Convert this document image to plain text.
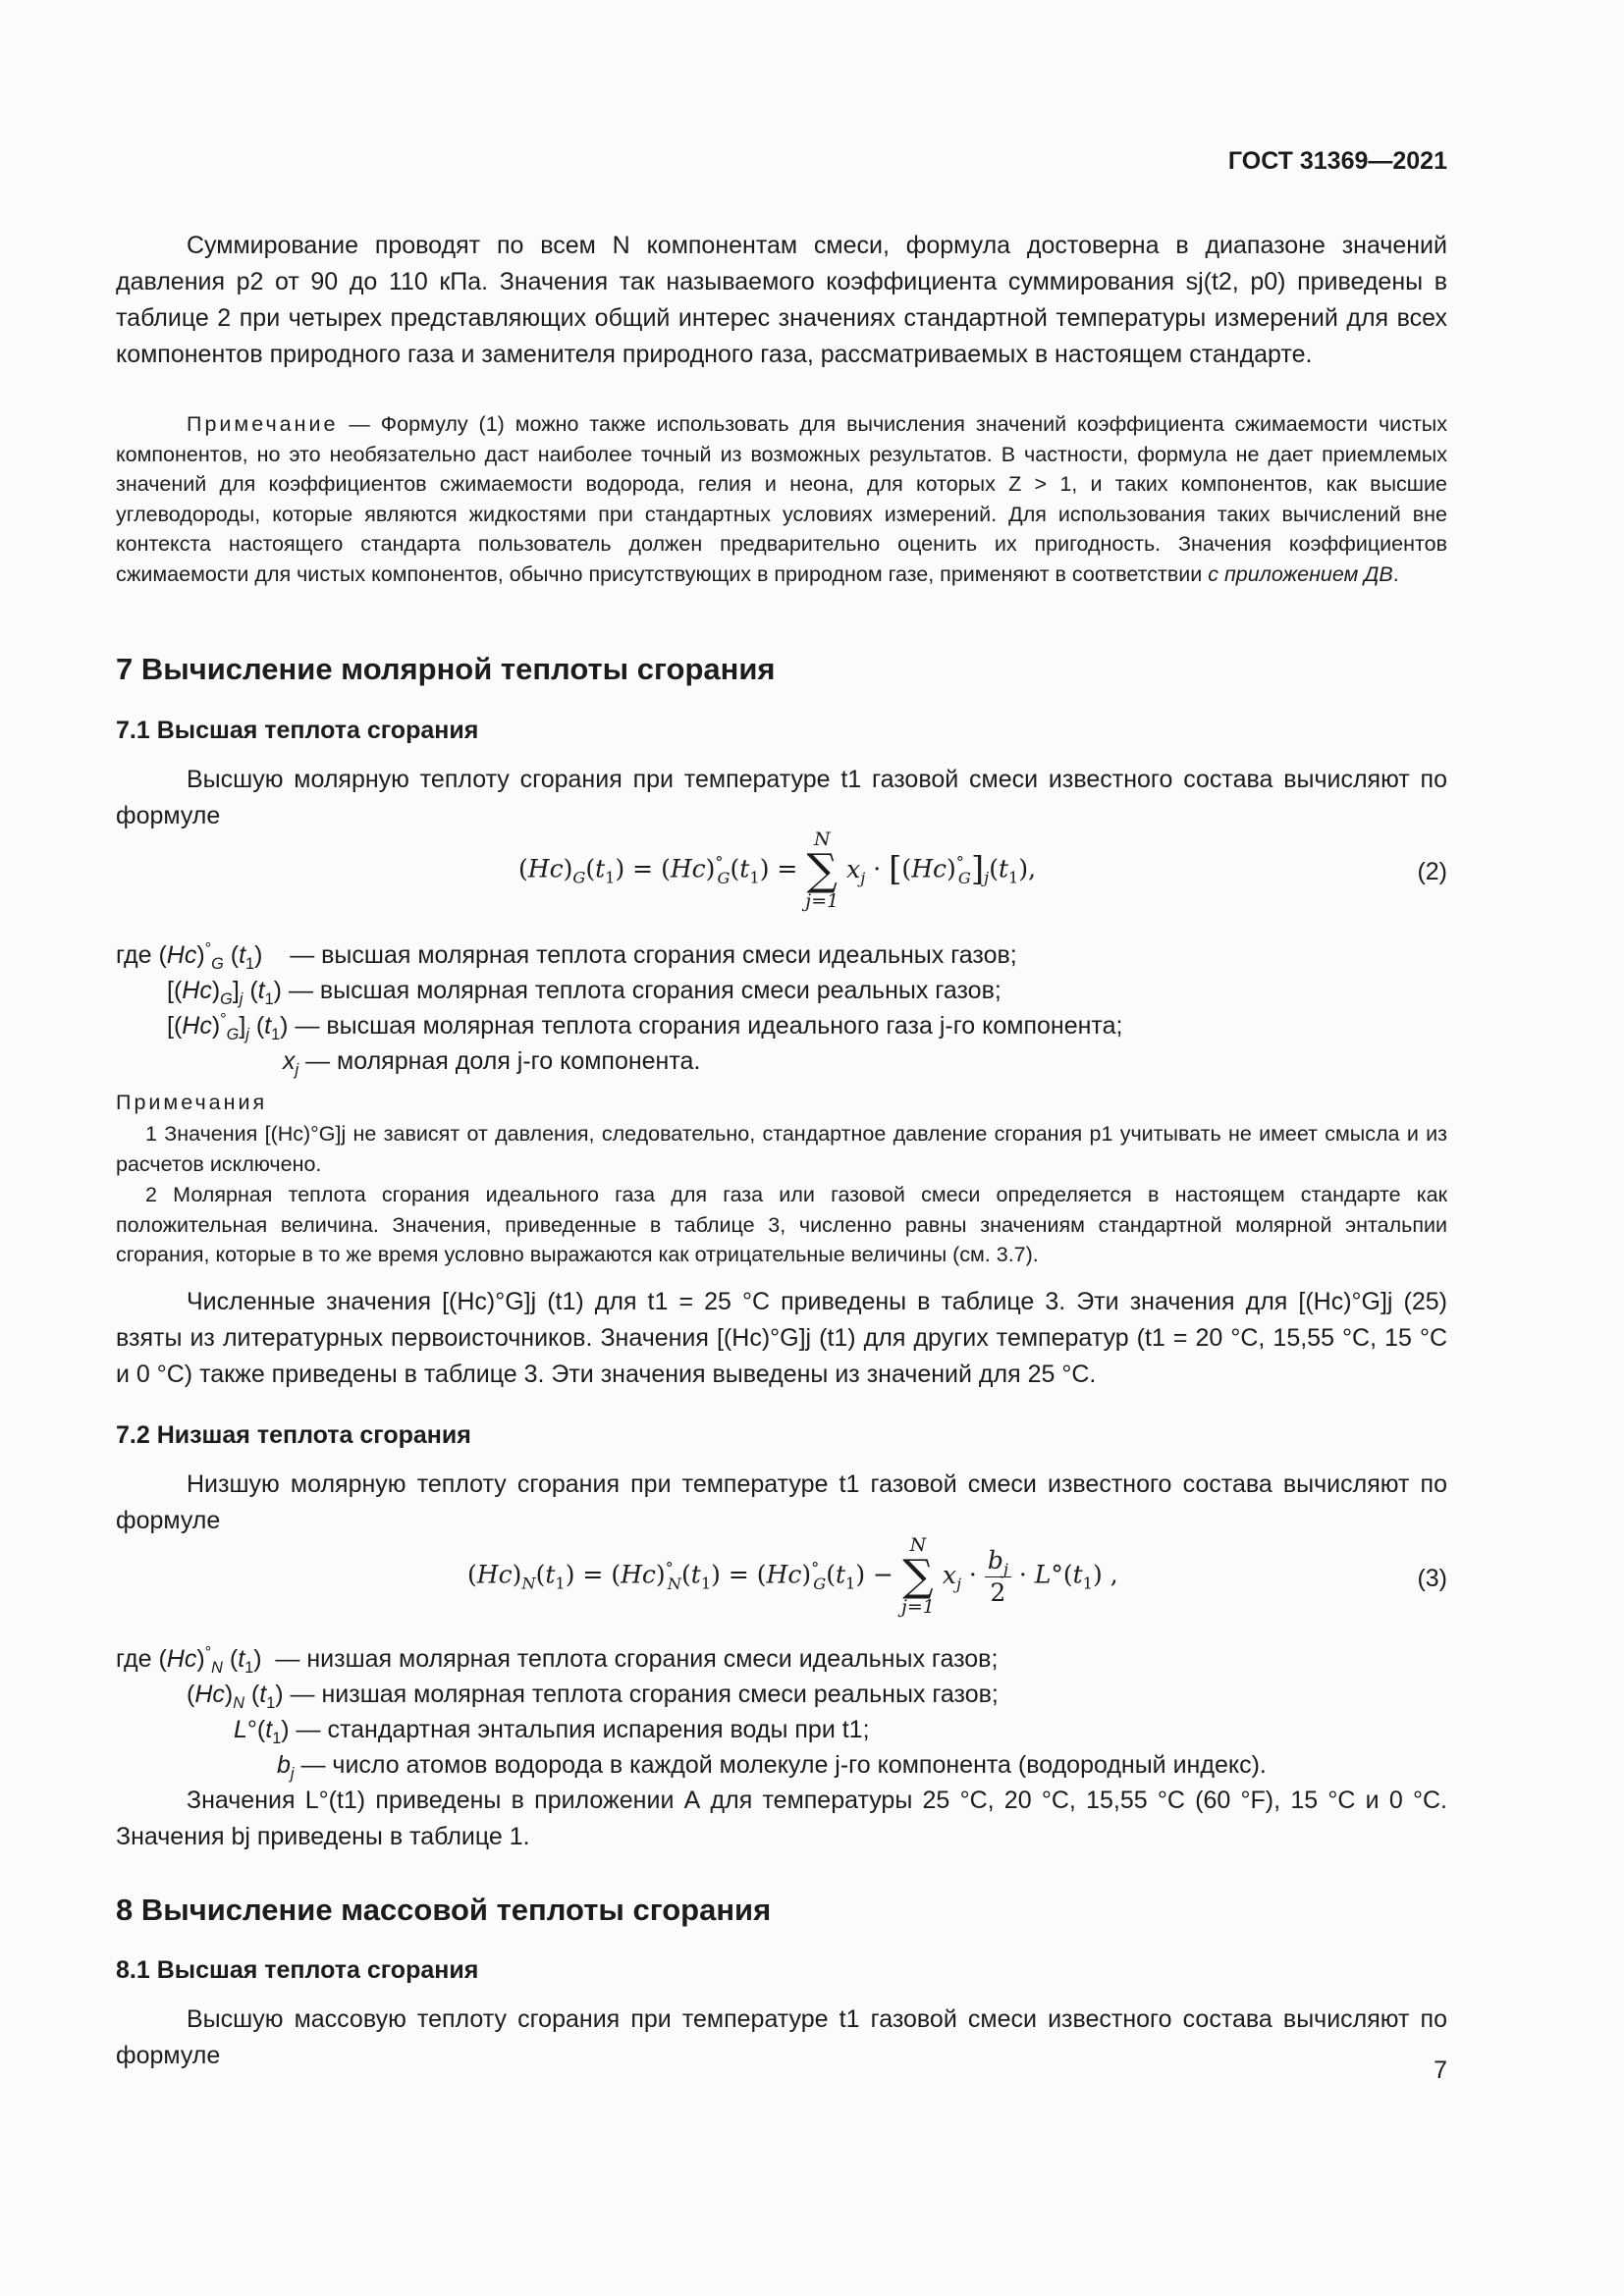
ГОСТ 31369—2021

Суммирование проводят по всем N компонентам смеси, формула достоверна в диапазоне значений давления p2 от 90 до 110 кПа. Значения так называемого коэффициента суммирования sj(t2, p0) приведены в таблице 2 при четырех представляющих общий интерес значениях стандартной температуры измерений для всех компонентов природного газа и заменителя природного газа, рассматриваемых в настоящем стандарте.

Примечание — Формулу (1) можно также использовать для вычисления значений коэффициента сжимаемости чистых компонентов, но это необязательно даст наиболее точный из возможных результатов. В частности, формула не дает приемлемых значений для коэффициентов сжимаемости водорода, гелия и неона, для которых Z > 1, и таких компонентов, как высшие углеводороды, которые являются жидкостями при стандартных условиях измерений. Для использования таких вычислений вне контекста настоящего стандарта пользователь должен предварительно оценить их пригодность. Значения коэффициентов сжимаемости для чистых компонентов, обычно присутствующих в природном газе, применяют в соответствии с приложением ДВ.

7 Вычисление молярной теплоты сгорания
7.1 Высшая теплота сгорания

Высшую молярную теплоту сгорания при температуре t1 газовой смеси известного состава вычисляют по формуле

$(Hc)_G(t_1) = (Hc)^\circ_G(t_1)$ =
N
∑
j=1
$x_j \cdot [(Hc)^\circ_G]_j(t_1)$,	(2)
где $(Hc)^\circ_G$ $(t_1)$    — высшая молярная теплота сгорания смеси идеальных газов;
$[(Hc)_G]_j$ $(t_1)$ — высшая молярная теплота сгорания смеси реальных газов;
$[(Hc)^\circ_G]_j$ $(t_1)$ — высшая молярная теплота сгорания идеального газа j-го компонента;
$x_j$ — молярная доля j-го компонента.
Примечания

1 Значения [(Hc)°G]j не зависят от давления, следовательно, стандартное давление сгорания p1 учитывать не имеет смысла и из расчетов исключено.

2 Молярная теплота сгорания идеального газа для газа или газовой смеси определяется в настоящем стандарте как положительная величина. Значения, приведенные в таблице 3, численно равны значениям стандартной молярной энтальпии сгорания, которые в то же время условно выражаются как отрицательные величины (см. 3.7).

Численные значения [(Hc)°G]j (t1) для t1 = 25 °C приведены в таблице 3. Эти значения для [(Hc)°G]j (25) взяты из литературных первоисточников. Значения [(Hc)°G]j (t1) для других температур (t1 = 20 °C, 15,55 °C, 15 °C и 0 °C) также приведены в таблице 3. Эти значения выведены из значений для 25 °C.

7.2 Низшая теплота сгорания

Низшую молярную теплоту сгорания при температуре t1 газовой смеси известного состава вычисляют по формуле

$(Hc)_N(t_1) = (Hc)^\circ_N(t_1) = (Hc)^\circ_G(t_1)$ −
N
∑
j=1
$x_j \cdot \frac{b_j}{2} \cdot L^\circ(t_1)$ ,	(3)
где $(Hc)^\circ_N$ $(t_1)$  — низшая молярная теплота сгорания смеси идеальных газов;
$(Hc)_N$ $(t_1)$ — низшая молярная теплота сгорания смеси реальных газов;
$L^\circ(t_1)$ — стандартная энтальпия испарения воды при t1;
$b_j$ — число атомов водорода в каждой молекуле j-го компонента (водородный индекс).

Значения L°(t1) приведены в приложении А для температуры 25 °C, 20 °C, 15,55 °C (60 °F), 15 °C и 0 °C. Значения bj приведены в таблице 1.

8 Вычисление массовой теплоты сгорания
8.1 Высшая теплота сгорания

Высшую массовую теплоту сгорания при температуре t1 газовой смеси известного состава вычисляют по формуле

7
